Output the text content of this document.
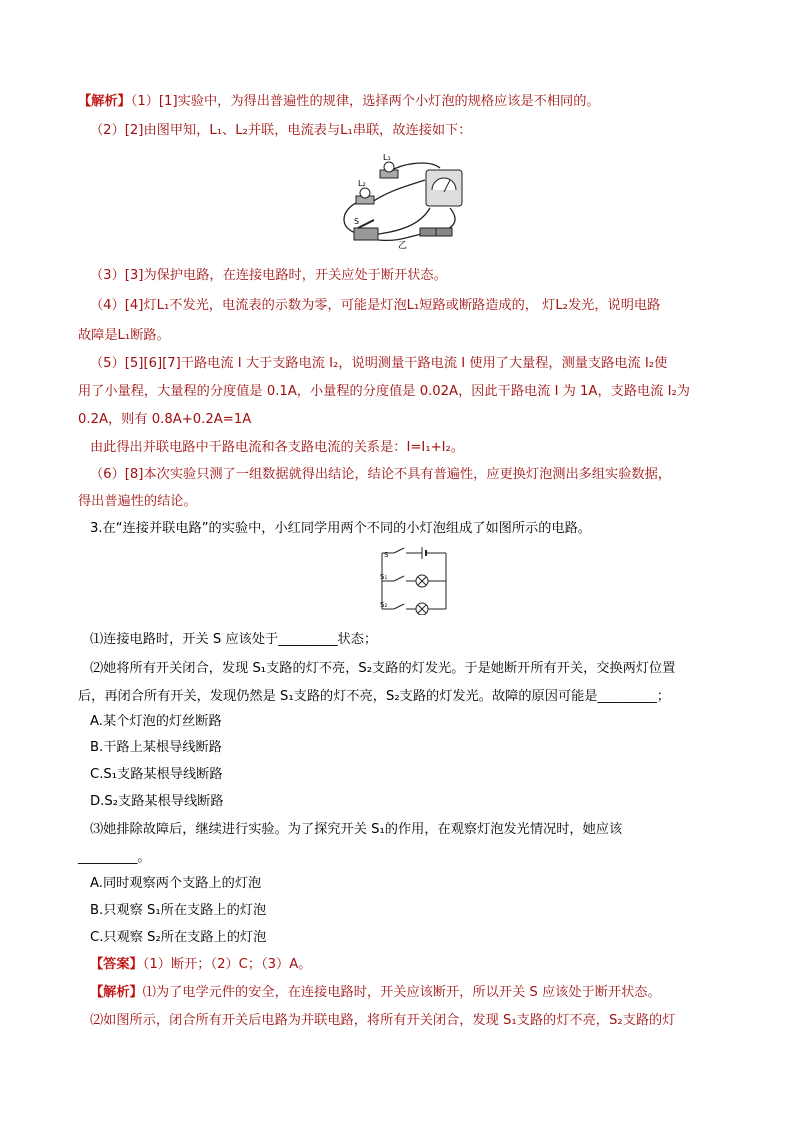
【解析】（1）[1]实验中，为得出普遍性的规律，选择两个小灯泡的规格应该是不相同的。
（2）[2]由图甲知，L₁、L₂并联，电流表与L₁串联，故连接如下：
L₁
L₂
S
乙
（3）[3]为保护电路，在连接电路时，开关应处于断开状态。
（4）[4]灯L₁不发光，电流表的示数为零，可能是灯泡L₁短路或断路造成的， 灯L₂发光，说明电路
故障是L₁断路。
（5）[5][6][7]干路电流 I 大于支路电流 I₂，说明测量干路电流 I 使用了大量程，测量支路电流 I₂使
用了小量程，大量程的分度值是 0.1A，小量程的分度值是 0.02A，因此干路电流 I 为 1A，支路电流 I₂为
0.2A，则有 0.8A+0.2A=1A
由此得出并联电路中干路电流和各支路电流的关系是：I=I₁+I₂。
（6）[8]本次实验只测了一组数据就得出结论，结论不具有普遍性，应更换灯泡测出多组实验数据，
得出普遍性的结论。
3.在“连接并联电路”的实验中，小红同学用两个不同的小灯泡组成了如图所示的电路。
S
S₁
S₂
⑴连接电路时，开关 S 应该处于_________状态；
⑵她将所有开关闭合，发现 S₁支路的灯不亮，S₂支路的灯发光。于是她断开所有开关，交换两灯位置
后，再闭合所有开关，发现仍然是 S₁支路的灯不亮，S₂支路的灯发光。故障的原因可能是_________；
A.某个灯泡的灯丝断路
B.干路上某根导线断路
C.S₁支路某根导线断路
D.S₂支路某根导线断路
⑶她排除故障后，继续进行实验。为了探究开关 S₁的作用，在观察灯泡发光情况时，她应该
_________。
A.同时观察两个支路上的灯泡
B.只观察 S₁所在支路上的灯泡
C.只观察 S₂所在支路上的灯泡
【答案】（1）断开；（2）C；（3）A。
【解析】⑴为了电学元件的安全，在连接电路时，开关应该断开，所以开关 S 应该处于断开状态。
⑵如图所示，闭合所有开关后电路为并联电路，将所有开关闭合，发现 S₁支路的灯不亮，S₂支路的灯
